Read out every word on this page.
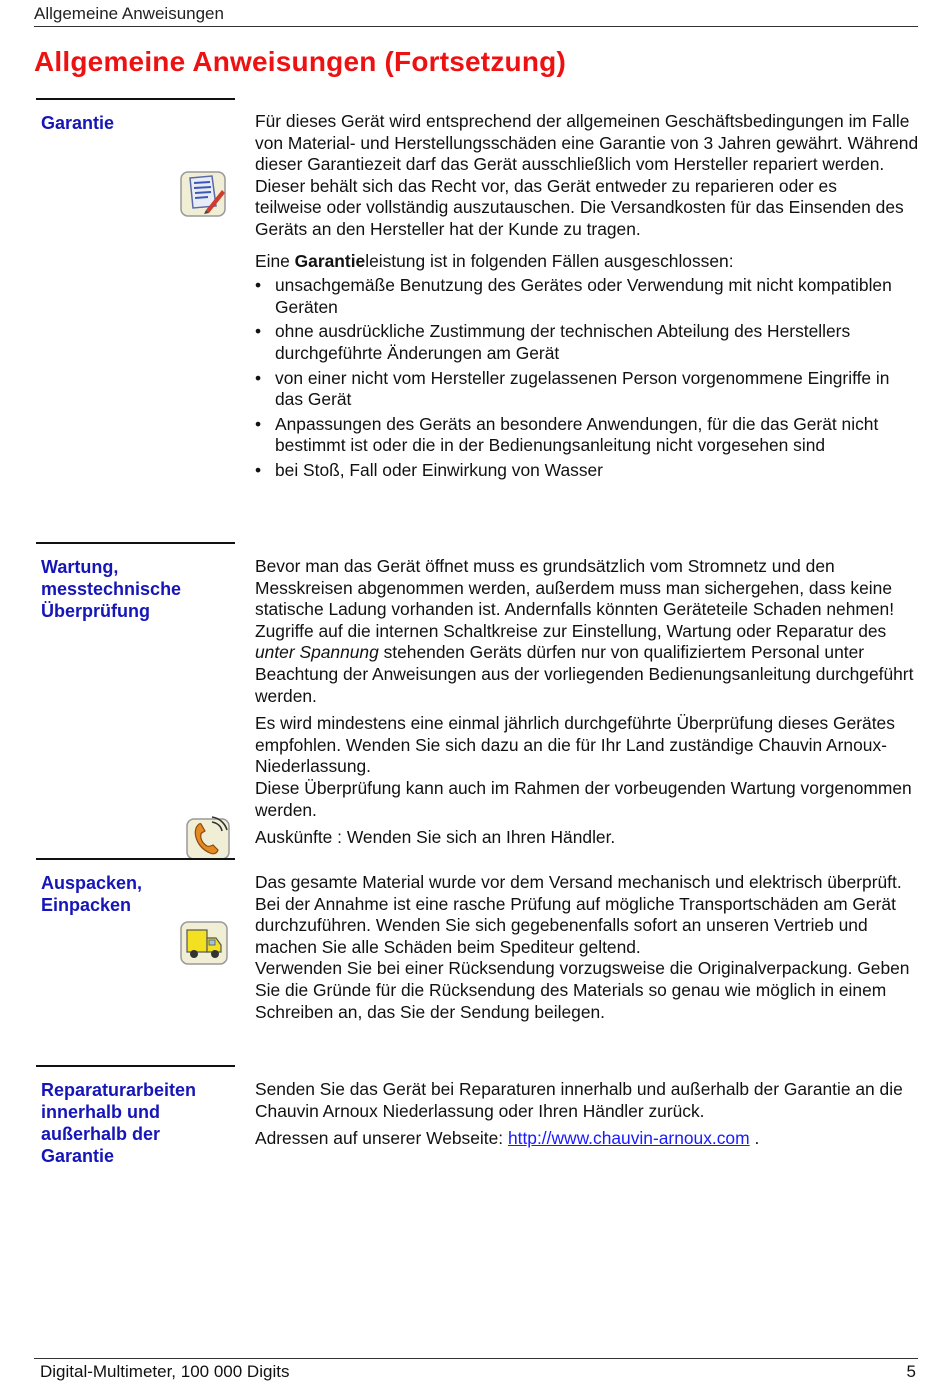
Allgemeine Anweisungen
Allgemeine Anweisungen (Fortsetzung)
Garantie	Für dieses Gerät wird entsprechend der allgemeinen Geschäftsbedingungen im Falle von Material- und Herstellungsschäden eine Garantie von 3 Jahren gewährt. Während dieser Garantiezeit darf das Gerät ausschließlich vom Hersteller repariert werden. Dieser behält sich das Recht vor, das Gerät entweder zu reparieren oder es
teilweise oder vollständig auszutauschen. Die Versandkosten für das Einsenden des Geräts an den Hersteller hat der Kunde zu tragen.

Eine Garantieleistung ist in folgenden Fällen ausgeschlossen:

• unsachgemäße Benutzung des Gerätes oder Verwendung mit nicht kompatiblen Geräten
• ohne ausdrückliche Zustimmung der technischen Abteilung des Herstellers durchgeführte Änderungen am Gerät
• von einer nicht vom Hersteller zugelassenen Person vorgenommene Eingriffe in das Gerät
• Anpassungen des Geräts an besondere Anwendungen, für die das Gerät nicht bestimmt ist oder die in der Bedienungsanleitung nicht vorgesehen sind
• bei Stoß, Fall oder Einwirkung von Wasser
Wartung,
messtechnische
Überprüfung

Bevor man das Gerät öffnet muss es grundsätzlich vom Stromnetz und den Messkreisen abgenommen werden, außerdem muss man sichergehen, dass keine statische Ladung vorhanden ist. Andernfalls könnten Geräteteile Schaden nehmen! Zugriffe auf die internen Schaltkreise zur Einstellung, Wartung oder Reparatur des unter Spannung stehenden Geräts dürfen nur von qualifiziertem Personal unter Beachtung der Anweisungen aus der vorliegenden Bedienungsanleitung durchgeführt werden.

Es wird mindestens eine einmal jährlich durchgeführte Überprüfung dieses Gerätes empfohlen. Wenden Sie sich dazu an die für Ihr Land zuständige Chauvin Arnoux-Niederlassung.
Diese Überprüfung kann auch im Rahmen der vorbeugenden Wartung vorgenommen werden.

Auskünfte : Wenden Sie sich an Ihren Händler.

Auspacken,
Einpacken

Das gesamte Material wurde vor dem Versand mechanisch und elektrisch überprüft. Bei der Annahme ist eine rasche Prüfung auf mögliche Transportschäden am Gerät durchzuführen. Wenden Sie sich gegebenenfalls sofort an unseren Vertrieb und machen Sie alle Schäden beim Spediteur geltend.
Verwenden Sie bei einer Rücksendung vorzugsweise die Originalverpackung. Geben Sie die Gründe für die Rücksendung des Materials so genau wie möglich in einem Schreiben an, das Sie der Sendung beilegen.

Reparaturarbeiten
innerhalb und
außerhalb der
Garantie

Senden Sie das Gerät bei Reparaturen innerhalb und außerhalb der Garantie an die Chauvin Arnoux Niederlassung oder Ihren Händler zurück.

Adressen auf unserer Webseite: http://www.chauvin-arnoux.com .

Digital-Multimeter, 100 000 Digits	5
